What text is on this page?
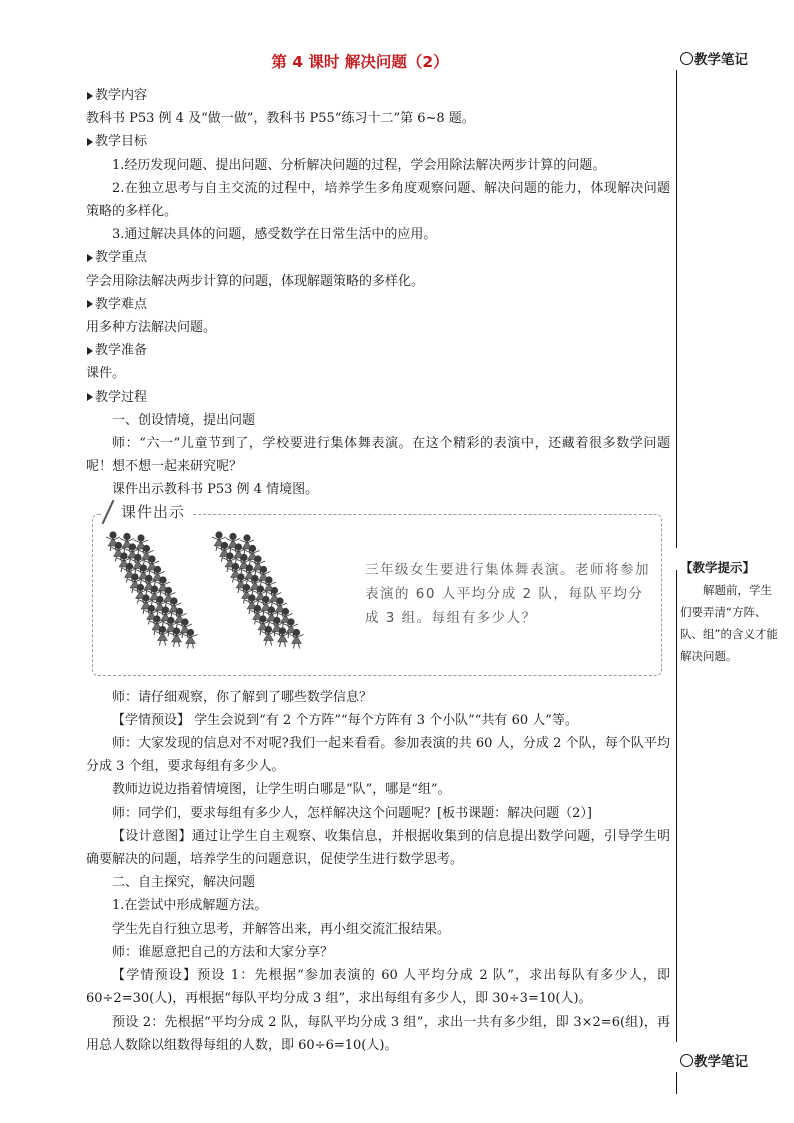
第 4 课时 解决问题（2）	教学笔记
教学笔记
【教学提示】

解题前，学生们要弄清“方阵、队、组”的含义才能解决问题。

教学内容

教科书 P53 例 4 及“做一做”，教科书 P55“练习十二”第 6~8 题。

教学目标

1.经历发现问题、提出问题、分析解决问题的过程，学会用除法解决两步计算的问题。

2.在独立思考与自主交流的过程中，培养学生多角度观察问题、解决问题的能力，体现解决问题策略的多样化。

3.通过解决具体的问题，感受数学在日常生活中的应用。

教学重点

学会用除法解决两步计算的问题，体现解题策略的多样化。

教学难点

用多种方法解决问题。

教学准备

课件。

教学过程

一、创设情境，提出问题

师：“六一”儿童节到了，学校要进行集体舞表演。在这个精彩的表演中，还藏着很多数学问题呢！想不想一起来研究呢？

课件出示教科书 P53 例 4 情境图。

课件出示
三年级女生要进行集体舞表演。老师将参加表演的 60 人平均分成 2 队，每队平均分成 3 组。每组有多少人？

师：请仔细观察，你了解到了哪些数学信息？

【学情预设】 学生会说到“有 2 个方阵”“每个方阵有 3 个小队”“共有 60 人”等。

师：大家发现的信息对不对呢?我们一起来看看。参加表演的共 60 人，分成 2 个队，每个队平均分成 3 个组，要求每组有多少人。

教师边说边指着情境图，让学生明白哪是“队”，哪是“组”。

师：同学们，要求每组有多少人，怎样解决这个问题呢？[板书课题：解决问题（2）]

【设计意图】通过让学生自主观察、收集信息，并根据收集到的信息提出数学问题，引导学生明确要解决的问题，培养学生的问题意识，促使学生进行数学思考。

二、自主探究，解决问题

1.在尝试中形成解题方法。

学生先自行独立思考，并解答出来，再小组交流汇报结果。

师：谁愿意把自己的方法和大家分享？

【学情预设】预设 1：先根据“参加表演的 60 人平均分成 2 队”，求出每队有多少人，即 60÷2=30(人)，再根据“每队平均分成 3 组”，求出每组有多少人，即 30÷3=10(人)。

预设 2：先根据“平均分成 2 队，每队平均分成 3 组”，求出一共有多少组，即 3×2=6(组)，再用总人数除以组数得每组的人数，即 60÷6=10(人)。
